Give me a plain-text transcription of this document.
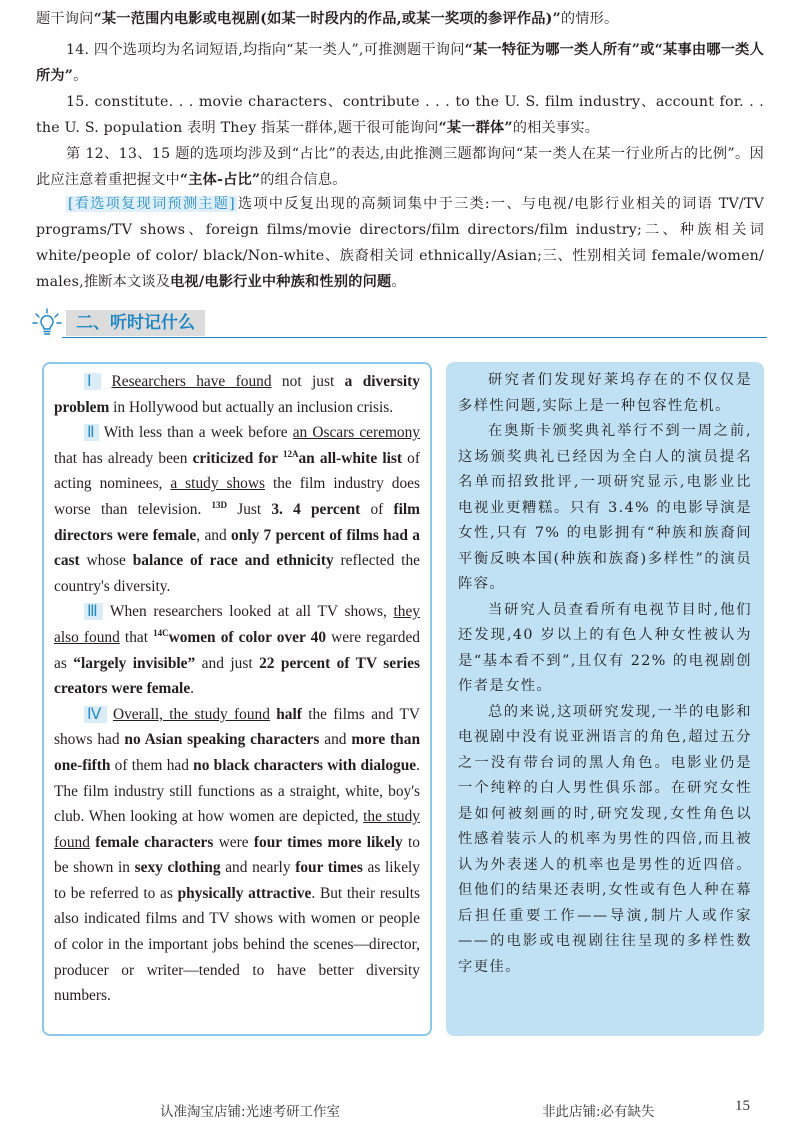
题干询问“某一范围内电影或电视剧(如某一时段内的作品,或某一奖项的参评作品)”的情形。
14. 四个选项均为名词短语,均指向“某一类人”,可推测题干询问“某一特征为哪一类人所有”或“某事由哪一类人所为”。
15. constitute. . . movie characters、contribute . . . to the U. S. film industry、account for. . . the U. S. population 表明 They 指某一群体,题干很可能询问“某一群体”的相关事实。
第 12、13、15 题的选项均涉及到“占比”的表达,由此推测三题都询问“某一类人在某一行业所占的比例”。因此应注意着重把握文中“主体-占比”的组合信息。
[看选项复现词预测主题] 选项中反复出现的高频词集中于三类:一、与电视/电影行业相关的词语 TV/TV programs/TV shows、foreign films/movie directors/film directors/film industry;二、种族相关词 white/people of color/ black/Non-white、族裔相关词 ethnically/Asian;三、性别相关词 female/women/ males,推断本文谈及电视/电影行业中种族和性别的问题。
二、听时记什么

Ⅰ Researchers have found not just a diversity problem in Hollywood but actually an inclusion crisis.

Ⅱ With less than a week before an Oscars ceremony that has already been criticized for $^{12A}$an all-white list of acting nominees, a study shows the film industry does worse than television. $^{13D}$ Just 3. 4 percent of film directors were female, and only 7 percent of films had a cast whose balance of race and ethnicity reflected the country's diversity.

Ⅲ When researchers looked at all TV shows, they also found that $^{14C}$women of color over 40 were regarded as “largely invisible” and just 22 percent of TV series creators were female.

Ⅳ Overall, the study found half the films and TV shows had no Asian speaking characters and more than one-fifth of them had no black characters with dialogue. The film industry still functions as a straight, white, boy's club. When looking at how women are depicted, the study found female characters were four times more likely to be shown in sexy clothing and nearly four times as likely to be referred to as physically attractive. But their results also indicated films and TV shows with women or people of color in the important jobs behind the scenes—director, producer or writer—tended to have better diversity numbers.

研究者们发现好莱坞存在的不仅仅是多样性问题,实际上是一种包容性危机。

在奥斯卡颁奖典礼举行不到一周之前,这场颁奖典礼已经因为全白人的演员提名名单而招致批评,一项研究显示,电影业比电视业更糟糕。只有 3.4% 的电影导演是女性,只有 7% 的电影拥有“种族和族裔间平衡反映本国(种族和族裔)多样性”的演员阵容。

当研究人员查看所有电视节目时,他们还发现,40 岁以上的有色人种女性被认为是“基本看不到”,且仅有 22% 的电视剧创作者是女性。

总的来说,这项研究发现,一半的电影和电视剧中没有说亚洲语言的角色,超过五分之一没有带台词的黑人角色。电影业仍是一个纯粹的白人男性俱乐部。在研究女性是如何被刻画的时,研究发现,女性角色以性感着装示人的机率为男性的四倍,而且被认为外表迷人的机率也是男性的近四倍。但他们的结果还表明,女性或有色人种在幕后担任重要工作——导演,制片人或作家——的电影或电视剧往往呈现的多样性数字更佳。

认准淘宝店铺:光速考研工作室	非此店铺:必有缺失	15
